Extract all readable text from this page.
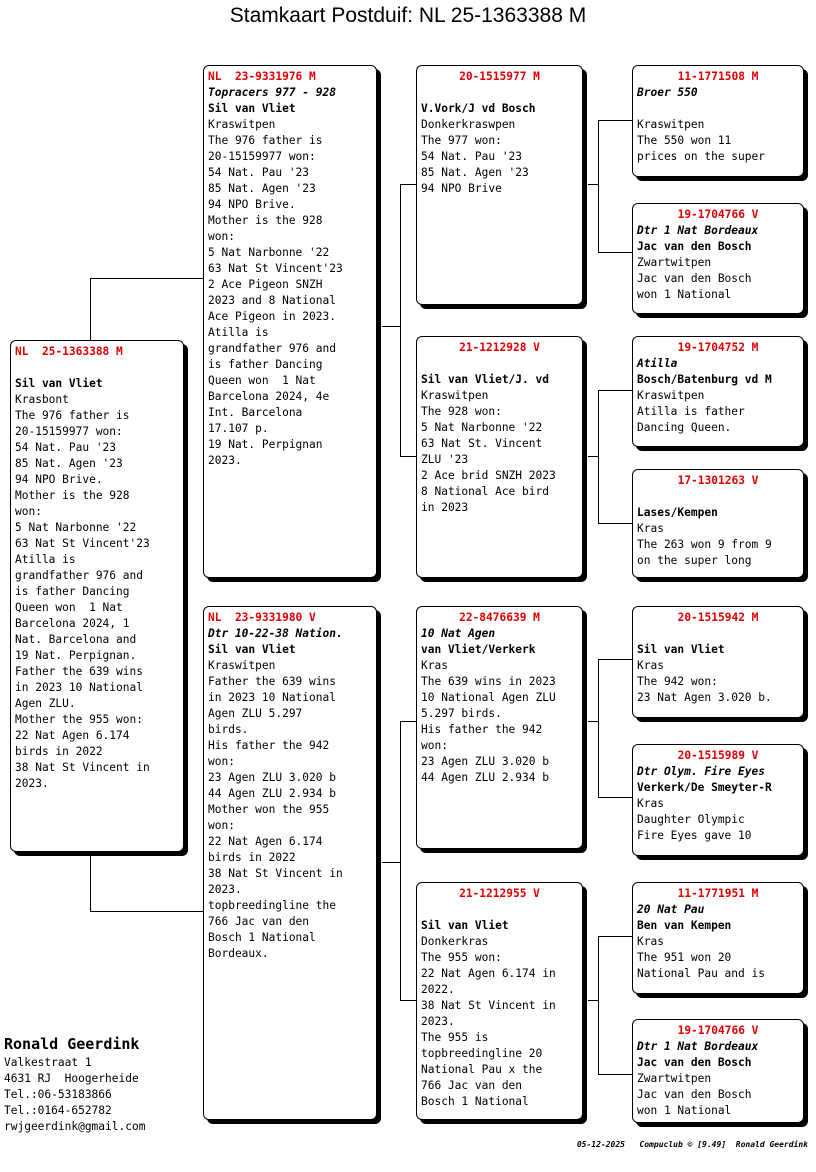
Stamkaart Postduif: NL 25-1363388 M
NL  25-1363388 M

Sil van Vliet
Krasbont
The 976 father is
20-15159977 won:
54 Nat. Pau '23
85 Nat. Agen '23
94 NPO Brive.
Mother is the 928
won:
5 Nat Narbonne '22
63 Nat St Vincent'23
Atilla is
grandfather 976 and
is father Dancing
Queen won  1 Nat
Barcelona 2024, 1
Nat. Barcelona and
19 Nat. Perpignan.
Father the 639 wins
in 2023 10 National
Agen ZLU.
Mother the 955 won:
22 Nat Agen 6.174
birds in 2022
38 Nat St Vincent in
2023.
NL  23-9331976 M
Topracers 977 - 928
Sil van Vliet
Kraswitpen
The 976 father is
20-15159977 won:
54 Nat. Pau '23
85 Nat. Agen '23
94 NPO Brive.
Mother is the 928
won:
5 Nat Narbonne '22
63 Nat St Vincent'23
2 Ace Pigeon SNZH
2023 and 8 National
Ace Pigeon in 2023.
Atilla is
grandfather 976 and
is father Dancing
Queen won  1 Nat
Barcelona 2024, 4e
Int. Barcelona
17.107 p.
19 Nat. Perpignan
2023.
NL  23-9331980 V
Dtr 10-22-38 Nation.
Sil van Vliet
Kraswitpen
Father the 639 wins
in 2023 10 National
Agen ZLU 5.297
birds.
His father the 942
won:
23 Agen ZLU 3.020 b
44 Agen ZLU 2.934 b
Mother won the 955
won:
22 Nat Agen 6.174
birds in 2022
38 Nat St Vincent in
2023.
topbreedingline the
766 Jac van den
Bosch 1 National
Bordeaux.
20-1515977 M

V.Vork/J vd Bosch
Donkerkraswpen
The 977 won:
54 Nat. Pau '23
85 Nat. Agen '23
94 NPO Brive
21-1212928 V

Sil van Vliet/J. vd
Kraswitpen
The 928 won:
5 Nat Narbonne '22
63 Nat St. Vincent
ZLU '23
2 Ace brid SNZH 2023
8 National Ace bird
in 2023
22-8476639 M
10 Nat Agen
van Vliet/Verkerk
Kras
The 639 wins in 2023
10 National Agen ZLU
5.297 birds.
His father the 942
won:
23 Agen ZLU 3.020 b
44 Agen ZLU 2.934 b
21-1212955 V

Sil van Vliet
Donkerkras
The 955 won:
22 Nat Agen 6.174 in
2022.
38 Nat St Vincent in
2023.
The 955 is
topbreedingline 20
National Pau x the
766 Jac van den
Bosch 1 National
11-1771508 M
Broer 550

Kraswitpen
The 550 won 11
prices on the super
19-1704766 V
Dtr 1 Nat Bordeaux
Jac van den Bosch
Zwartwitpen
Jac van den Bosch
won 1 National
19-1704752 M
Atilla
Bosch/Batenburg vd M
Kraswitpen
Atilla is father
Dancing Queen.
17-1301263 V

Lases/Kempen
Kras
The 263 won 9 from 9
on the super long
20-1515942 M

Sil van Vliet
Kras
The 942 won:
23 Nat Agen 3.020 b.
20-1515989 V
Dtr Olym. Fire Eyes
Verkerk/De Smeyter-R
Kras
Daughter Olympic
Fire Eyes gave 10
11-1771951 M
20 Nat Pau
Ben van Kempen
Kras
The 951 won 20
National Pau and is
19-1704766 V
Dtr 1 Nat Bordeaux
Jac van den Bosch
Zwartwitpen
Jac van den Bosch
won 1 National
Ronald Geerdink
Valkestraat 1
4631 RJ  Hoogerheide
Tel.:06-53183866
Tel.:0164-652782
rwjgeerdink@gmail.com
05-12-2025   Compuclub © [9.49]  Ronald Geerdink
